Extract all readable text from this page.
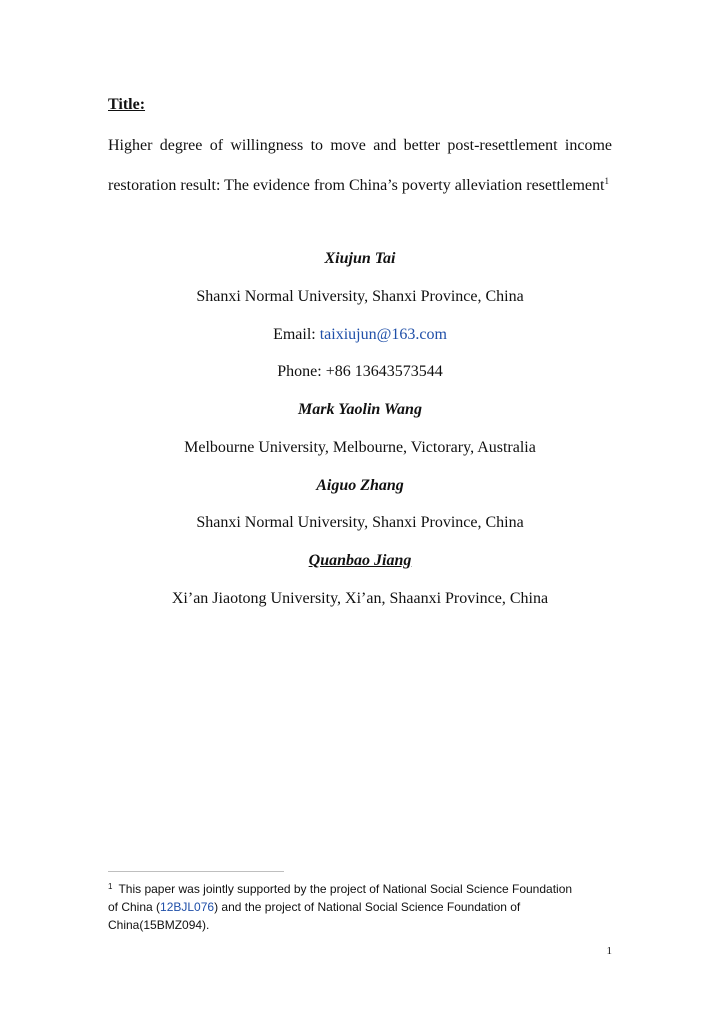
Title:
Higher degree of willingness to move and better post-resettlement income restoration result: The evidence from China’s poverty alleviation resettlement$^1$
Xiujun Tai
Shanxi Normal University, Shanxi Province, China
Email: taixiujun@163.com
Phone: +86 13643573544
Mark Yaolin Wang
Melbourne University, Melbourne, Victorary, Australia
Aiguo Zhang
Shanxi Normal University, Shanxi Province, China
Quanbao Jiang
Xi’an Jiaotong University, Xi’an, Shaanxi Province, China
$^1$ This paper was jointly supported by the project of National Social Science Foundation of China (12BJL076) and the project of National Social Science Foundation of China(15BMZ094).
1
